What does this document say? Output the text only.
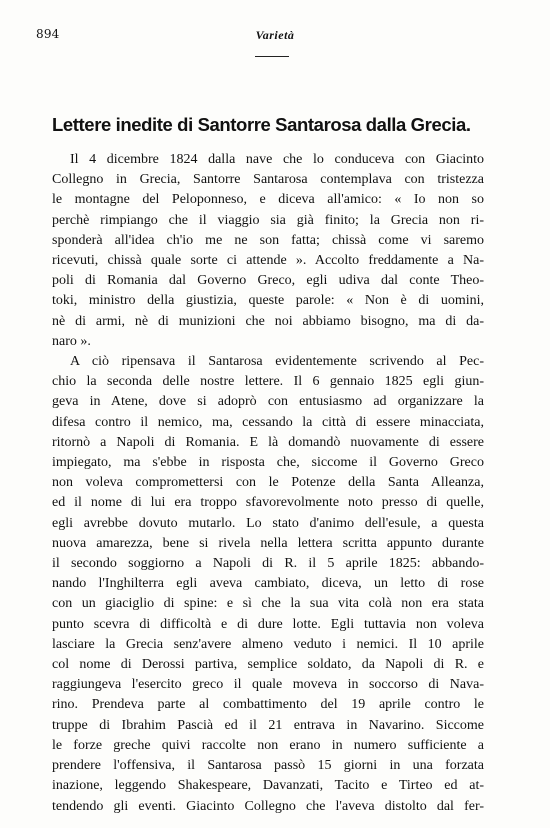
894	Varietà
Lettere inedite di Santorre Santarosa dalla Grecia.
Il 4 dicembre 1824 dalla nave che lo conduceva con Giacinto
Collegno in Grecia, Santorre Santarosa contemplava con tristezza
le montagne del Peloponneso, e diceva all'amico: « Io non so
perchè rimpiango che il viaggio sia già finito; la Grecia non ri-
sponderà all'idea ch'io me ne son fatta; chissà come vi saremo
ricevuti, chissà quale sorte ci attende ». Accolto freddamente a Na-
poli di Romania dal Governo Greco, egli udiva dal conte Theo-
toki, ministro della giustizia, queste parole: « Non è di uomini,
nè di armi, nè di munizioni che noi abbiamo bisogno, ma di da-
naro ».
A ciò ripensava il Santarosa evidentemente scrivendo al Pec-
chio la seconda delle nostre lettere. Il 6 gennaio 1825 egli giun-
geva in Atene, dove si adoprò con entusiasmo ad organizzare la
difesa contro il nemico, ma, cessando la città di essere minacciata,
ritornò a Napoli di Romania. E là domandò nuovamente di essere
impiegato, ma s'ebbe in risposta che, siccome il Governo Greco
non voleva compromettersi con le Potenze della Santa Alleanza,
ed il nome di lui era troppo sfavorevolmente noto presso di quelle,
egli avrebbe dovuto mutarlo. Lo stato d'animo dell'esule, a questa
nuova amarezza, bene si rivela nella lettera scritta appunto durante
il secondo soggiorno a Napoli di R. il 5 aprile 1825: abbando-
nando l'Inghilterra egli aveva cambiato, diceva, un letto di rose
con un giaciglio di spine: e sì che la sua vita colà non era stata
punto scevra di difficoltà e di dure lotte. Egli tuttavia non voleva
lasciare la Grecia senz'avere almeno veduto i nemici. Il 10 aprile
col nome di Derossi partiva, semplice soldato, da Napoli di R. e
raggiungeva l'esercito greco il quale moveva in soccorso di Nava-
rino. Prendeva parte al combattimento del 19 aprile contro le
truppe di Ibrahim Pascià ed il 21 entrava in Navarino. Siccome
le forze greche quivi raccolte non erano in numero sufficiente a
prendere l'offensiva, il Santarosa passò 15 giorni in una forzata
inazione, leggendo Shakespeare, Davanzati, Tacito e Tirteo ed at-
tendendo gli eventi. Giacinto Collegno che l'aveva distolto dal fer-
